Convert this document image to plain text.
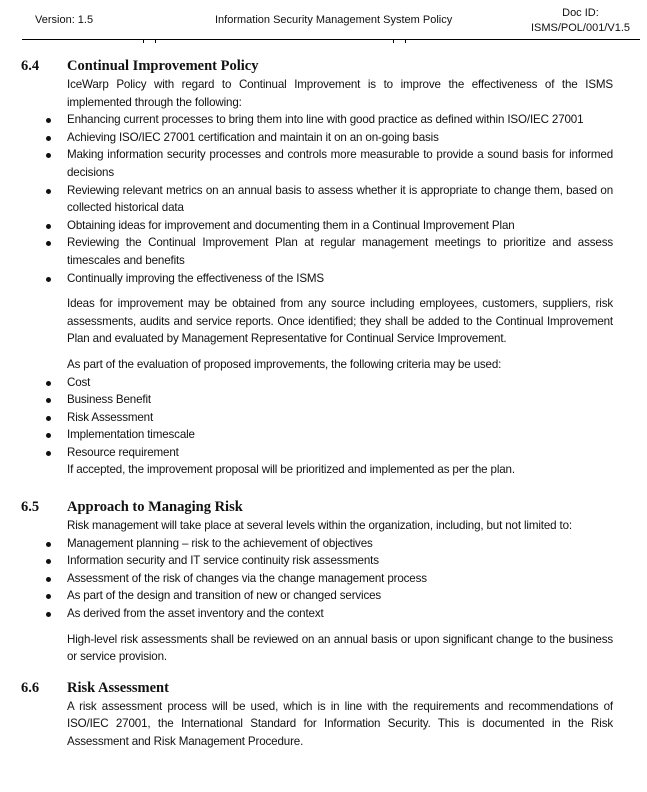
Version: 1.5	Information Security Management System Policy
Doc ID:
ISMS/POL/001/V1.5
6.4 Continual Improvement Policy

IceWarp Policy with regard to Continual Improvement is to improve the effectiveness of the ISMS implemented through the following:

Enhancing current processes to bring them into line with good practice as defined within ISO/IEC 27001
Achieving ISO/IEC 27001 certification and maintain it on an on-going basis
Making information security processes and controls more measurable to provide a sound basis for informed decisions
Reviewing relevant metrics on an annual basis to assess whether it is appropriate to change them, based on collected historical data
Obtaining ideas for improvement and documenting them in a Continual Improvement Plan
Reviewing the Continual Improvement Plan at regular management meetings to prioritize and assess timescales and benefits
Continually improving the effectiveness of the ISMS

Ideas for improvement may be obtained from any source including employees, customers, suppliers, risk assessments, audits and service reports. Once identified; they shall be added to the Continual Improvement Plan and evaluated by Management Representative for Continual Service Improvement.

As part of the evaluation of proposed improvements, the following criteria may be used:

Cost
Business Benefit
Risk Assessment
Implementation timescale
Resource requirement

If accepted, the improvement proposal will be prioritized and implemented as per the plan.

6.5 Approach to Managing Risk

Risk management will take place at several levels within the organization, including, but not limited to:

Management planning – risk to the achievement of objectives
Information security and IT service continuity risk assessments
Assessment of the risk of changes via the change management process
As part of the design and transition of new or changed services
As derived from the asset inventory and the context

High-level risk assessments shall be reviewed on an annual basis or upon significant change to the business or service provision.

6.6 Risk Assessment

A risk assessment process will be used, which is in line with the requirements and recommendations of ISO/IEC 27001, the International Standard for Information Security. This is documented in the Risk Assessment and Risk Management Procedure.
